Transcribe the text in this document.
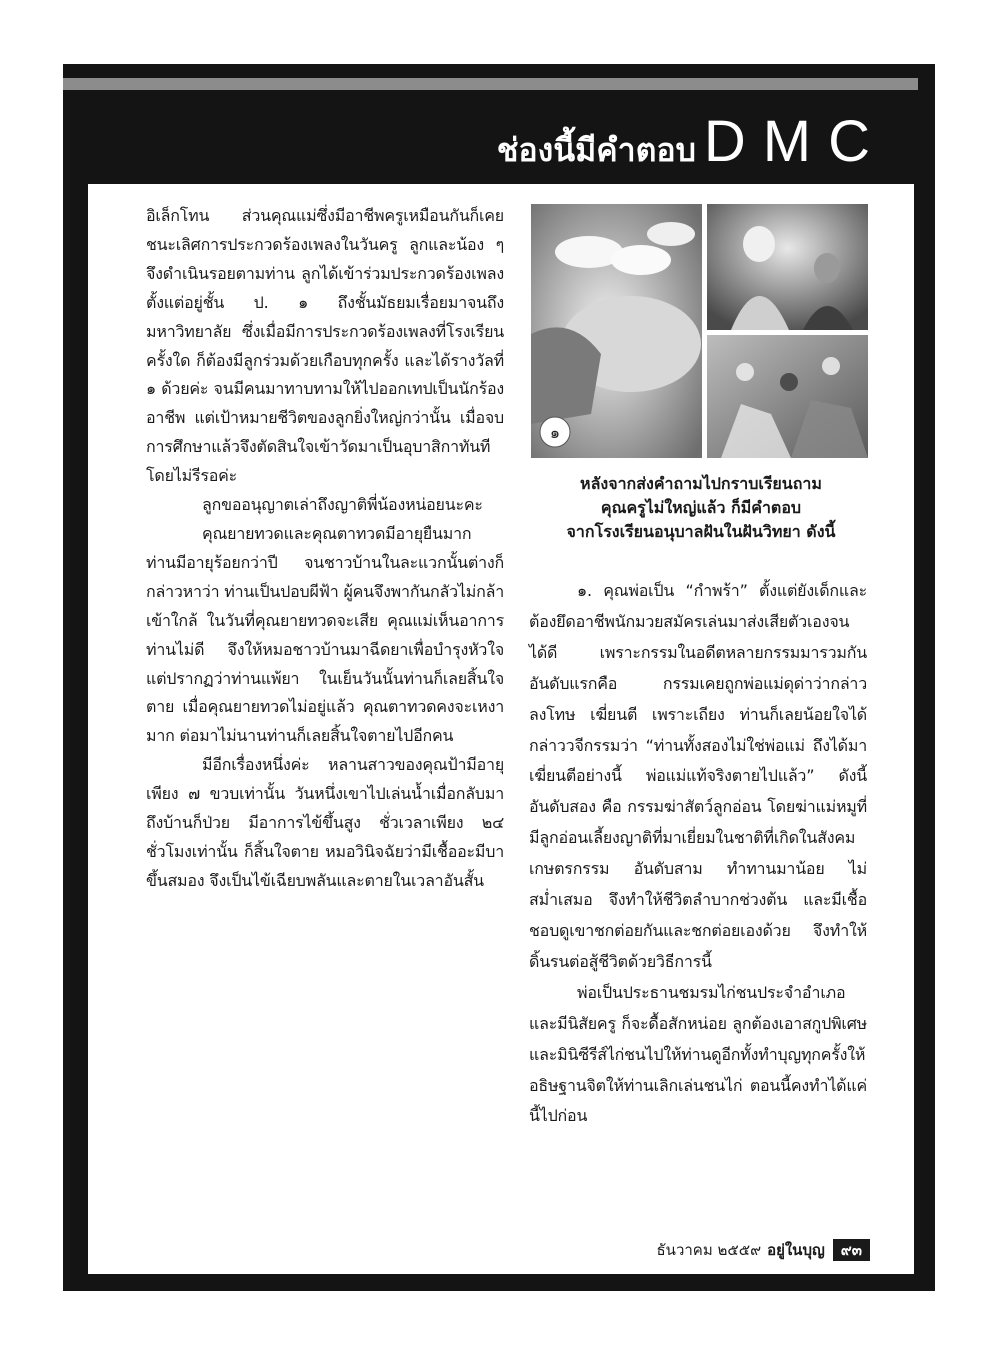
ช่องนี้มีคำตอบ DMC

อิเล็กโทน ส่วนคุณแม่ซึ่งมีอาชีพครูเหมือนกันก็เคยชนะเลิศการประกวดร้องเพลงในวันครู ลูกและน้อง ๆ จึงดำเนินรอยตามท่าน ลูกได้เข้าร่วมประกวดร้องเพลงตั้งแต่อยู่ชั้น ป. ๑ ถึงชั้นมัธยมเรื่อยมาจนถึงมหาวิทยาลัย ซึ่งเมื่อมีการประกวดร้องเพลงที่โรงเรียนครั้งใด ก็ต้องมีลูกร่วมด้วยเกือบทุกครั้ง และได้รางวัลที่ ๑ ด้วยค่ะ จนมีคนมาทาบทามให้ไปออกเทปเป็นนักร้องอาชีพ แต่เป้าหมายชีวิตของลูกยิ่งใหญ่กว่านั้น เมื่อจบการศึกษาแล้วจึงตัดสินใจเข้าวัดมาเป็นอุบาสิกาทันทีโดยไม่รีรอค่ะ

ลูกขออนุญาตเล่าถึงญาติพี่น้องหน่อยนะคะ

คุณยายทวดและคุณตาทวดมีอายุยืนมาก ท่านมีอายุร้อยกว่าปี จนชาวบ้านในละแวกนั้นต่างก็กล่าวหาว่า ท่านเป็นปอบผีฟ้า ผู้คนจึงพากันกลัวไม่กล้าเข้าใกล้ ในวันที่คุณยายทวดจะเสีย คุณแม่เห็นอาการท่านไม่ดี จึงให้หมอชาวบ้านมาฉีดยาเพื่อบำรุงหัวใจ แต่ปรากฏว่าท่านแพ้ยา ในเย็นวันนั้นท่านก็เลยสิ้นใจตาย เมื่อคุณยายทวดไม่อยู่แล้ว คุณตาทวดคงจะเหงามาก ต่อมาไม่นานท่านก็เลยสิ้นใจตายไปอีกคน

มีอีกเรื่องหนึ่งค่ะ หลานสาวของคุณป้ามีอายุเพียง ๗ ขวบเท่านั้น วันหนึ่งเขาไปเล่นน้ำเมื่อกลับมาถึงบ้านก็ป่วย มีอาการไข้ขึ้นสูง ชั่วเวลาเพียง ๒๔ ชั่วโมงเท่านั้น ก็สิ้นใจตาย หมอวินิจฉัยว่ามีเชื้ออะมีบาขึ้นสมอง จึงเป็นไข้เฉียบพลันและตายในเวลาอันสั้น

๑
หลังจากส่งคำถามไปกราบเรียนถาม
คุณครูไม่ใหญ่แล้ว ก็มีคำตอบ
จากโรงเรียนอนุบาลฝันในฝันวิทยา ดังนี้

๑. คุณพ่อเป็น “กำพร้า” ตั้งแต่ยังเด็กและต้องยึดอาชีพนักมวยสมัครเล่นมาส่งเสียตัวเองจนได้ดี เพราะกรรมในอดีตหลายกรรมมารวมกัน อันดับแรกคือ กรรมเคยถูกพ่อแม่ดุด่าว่ากล่าว ลงโทษ เฆี่ยนตี เพราะเถียง ท่านก็เลยน้อยใจได้กล่าววจีกรรมว่า “ท่านทั้งสองไม่ใช่พ่อแม่ ถึงได้มาเฆี่ยนตีอย่างนี้ พ่อแม่แท้จริงตายไปแล้ว” ดังนี้ อันดับสอง คือ กรรมฆ่าสัตว์ลูกอ่อน โดยฆ่าแม่หมูที่มีลูกอ่อนเลี้ยงญาติที่มาเยี่ยมในชาติที่เกิดในสังคมเกษตรกรรม อันดับสาม ทำทานมาน้อย ไม่สม่ำเสมอ จึงทำให้ชีวิตลำบากช่วงต้น และมีเชื้อชอบดูเขาชกต่อยกันและชกต่อยเองด้วย จึงทำให้ดิ้นรนต่อสู้ชีวิตด้วยวิธีการนี้

พ่อเป็นประธานชมรมไก่ชนประจำอำเภอ และมีนิสัยครู ก็จะดื้อสักหน่อย ลูกต้องเอาสกูปพิเศษและมินิซีรีส์ไก่ชนไปให้ท่านดูอีกทั้งทำบุญทุกครั้งให้อธิษฐานจิตให้ท่านเลิกเล่นชนไก่ ตอนนี้คงทำได้แค่นี้ไปก่อน

ธันวาคม ๒๕๕๙ อยู่ในบุญ ๙๓
